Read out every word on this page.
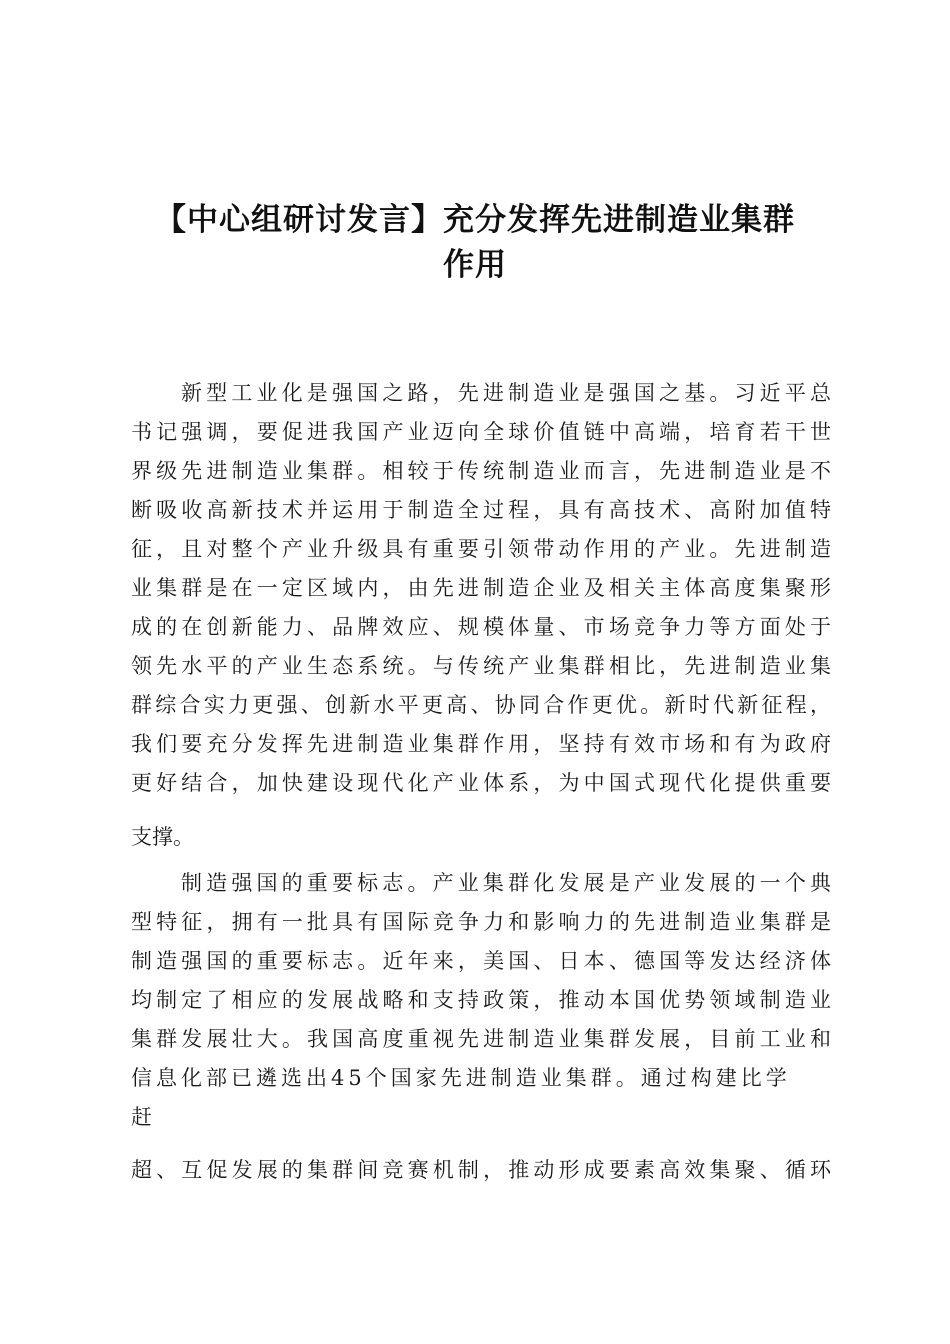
【中心组研讨发言】充分发挥先进制造业集群
作用
新型工业化是强国之路，先进制造业是强国之基。习近平总
书记强调，要促进我国产业迈向全球价值链中高端，培育若干世
界级先进制造业集群。相较于传统制造业而言，先进制造业是不
断吸收高新技术并运用于制造全过程，具有高技术、高附加值特
征，且对整个产业升级具有重要引领带动作用的产业。先进制造
业集群是在一定区域内，由先进制造企业及相关主体高度集聚形
成的在创新能力、品牌效应、规模体量、市场竞争力等方面处于
领先水平的产业生态系统。与传统产业集群相比，先进制造业集
群综合实力更强、创新水平更高、协同合作更优。新时代新征程，
我们要充分发挥先进制造业集群作用，坚持有效市场和有为政府
更好结合，加快建设现代化产业体系，为中国式现代化提供重要
支撑。
制造强国的重要标志。产业集群化发展是产业发展的一个典
型特征，拥有一批具有国际竞争力和影响力的先进制造业集群是
制造强国的重要标志。近年来，美国、日本、德国等发达经济体
均制定了相应的发展战略和支持政策，推动本国优势领域制造业
集群发展壮大。我国高度重视先进制造业集群发展，目前工业和
信息化部已遴选出45个国家先进制造业集群。通过构建比学
赶
超、互促发展的集群间竞赛机制，推动形成要素高效集聚、循环
